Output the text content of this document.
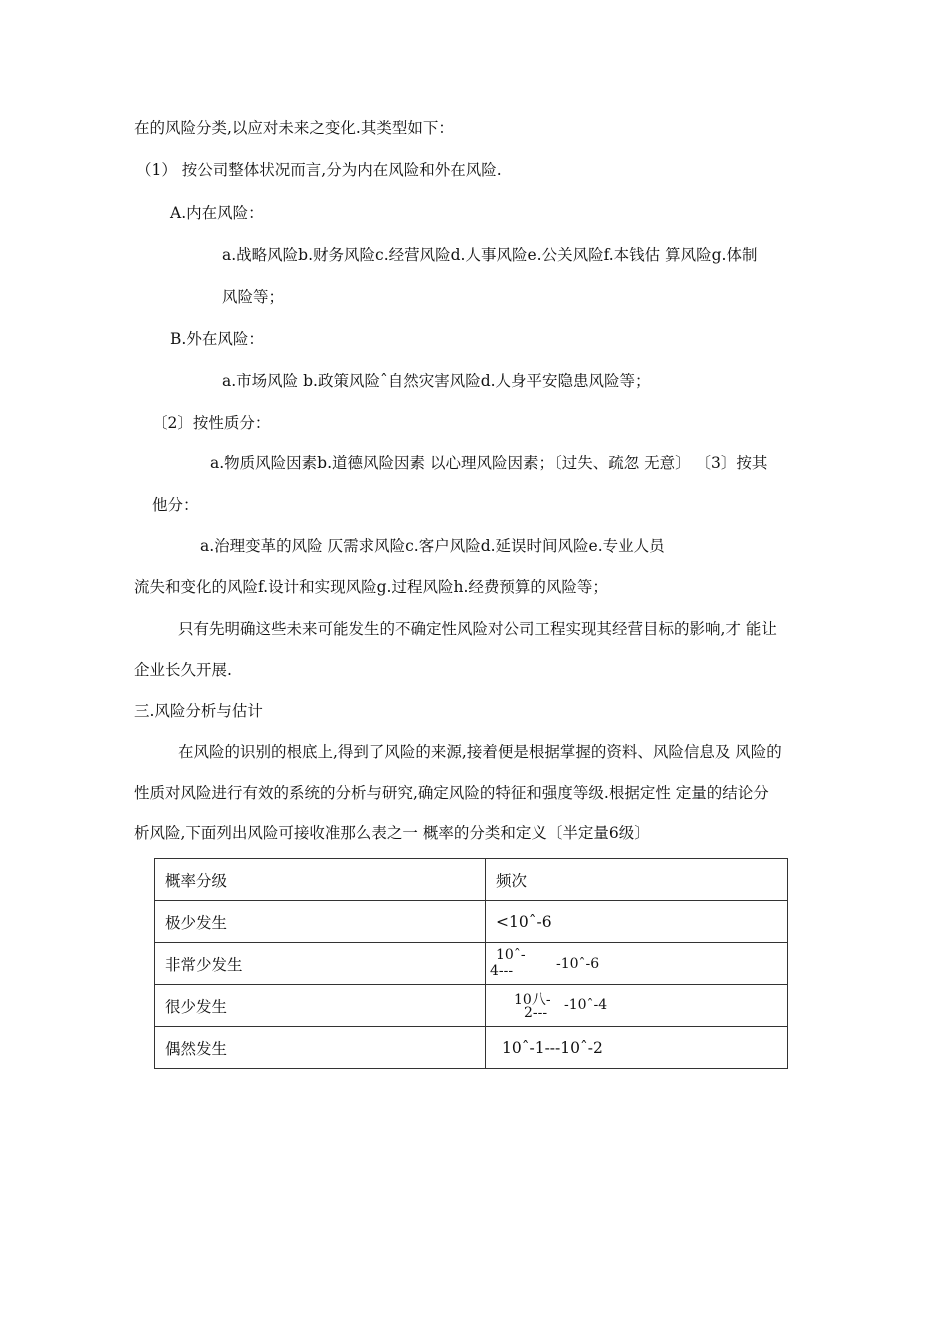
在的风险分类,以应对未来之变化.其类型如下：
（1） 按公司整体状况而言,分为内在风险和外在风险.
A.内在风险：
a.战略风险b.财务风险c.经营风险d.人事风险e.公关风险f.本钱估 算风险g.体制
风险等；
B.外在风险：
a.市场风险 b.政策风险ˆ自然灾害风险d.人身平安隐患风险等；
〔2〕按性质分：
a.物质风险因素b.道德风险因素 以心理风险因素；〔过失、疏忽 无意〕 〔3〕按其
他分：
a.治理变革的风险 仄需求风险c.客户风险d.延误时间风险e.专业人员
流失和变化的风险f.设计和实现风险g.过程风险h.经费预算的风险等；
只有先明确这些未来可能发生的不确定性风险对公司工程实现其经营目标的影响,才 能让
企业长久开展.
三.风险分析与估计
在风险的识别的根底上,得到了风险的来源,接着便是根据掌握的资料、风险信息及 风险的
性质对风险进行有效的系统的分析与研究,确定风险的特征和强度等级.根据定性 定量的结论分
析风险,下面列出风险可接收准那么表之一 概率的分类和定义〔半定量6级〕
概率分级	频次
极少发生	<10ˆ-6
非常少发生	10ˆ-
4--- -10ˆ-6

很少发生	10八-
2--- -10ˆ-4

偶然发生	10ˆ-1---10ˆ-2
